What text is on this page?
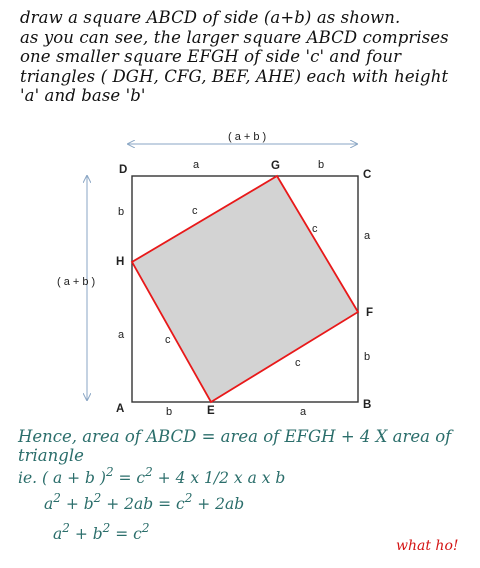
draw a square ABCD of side (a+b) as shown.
as you can see, the larger square ABCD comprises
one smaller square EFGH of side 'c' and four
triangles ( DGH, CFG, BEF, AHE) each with height
'a' and base 'b'
( a + b )
( a + b )
D	G
C
H
F
A	E	B
a	b
a
b
b
a
b	a
c
c
c
c
Hence, area of ABCD = area of EFGH + 4 X area of
triangle
ie. ( a + b )$^2 = c^2 + 4$ x 1/2 x a x b
$a^2 + b^2 + 2ab = c^2 + 2ab$
$a^2 + b^2 = c^2$
what ho!
